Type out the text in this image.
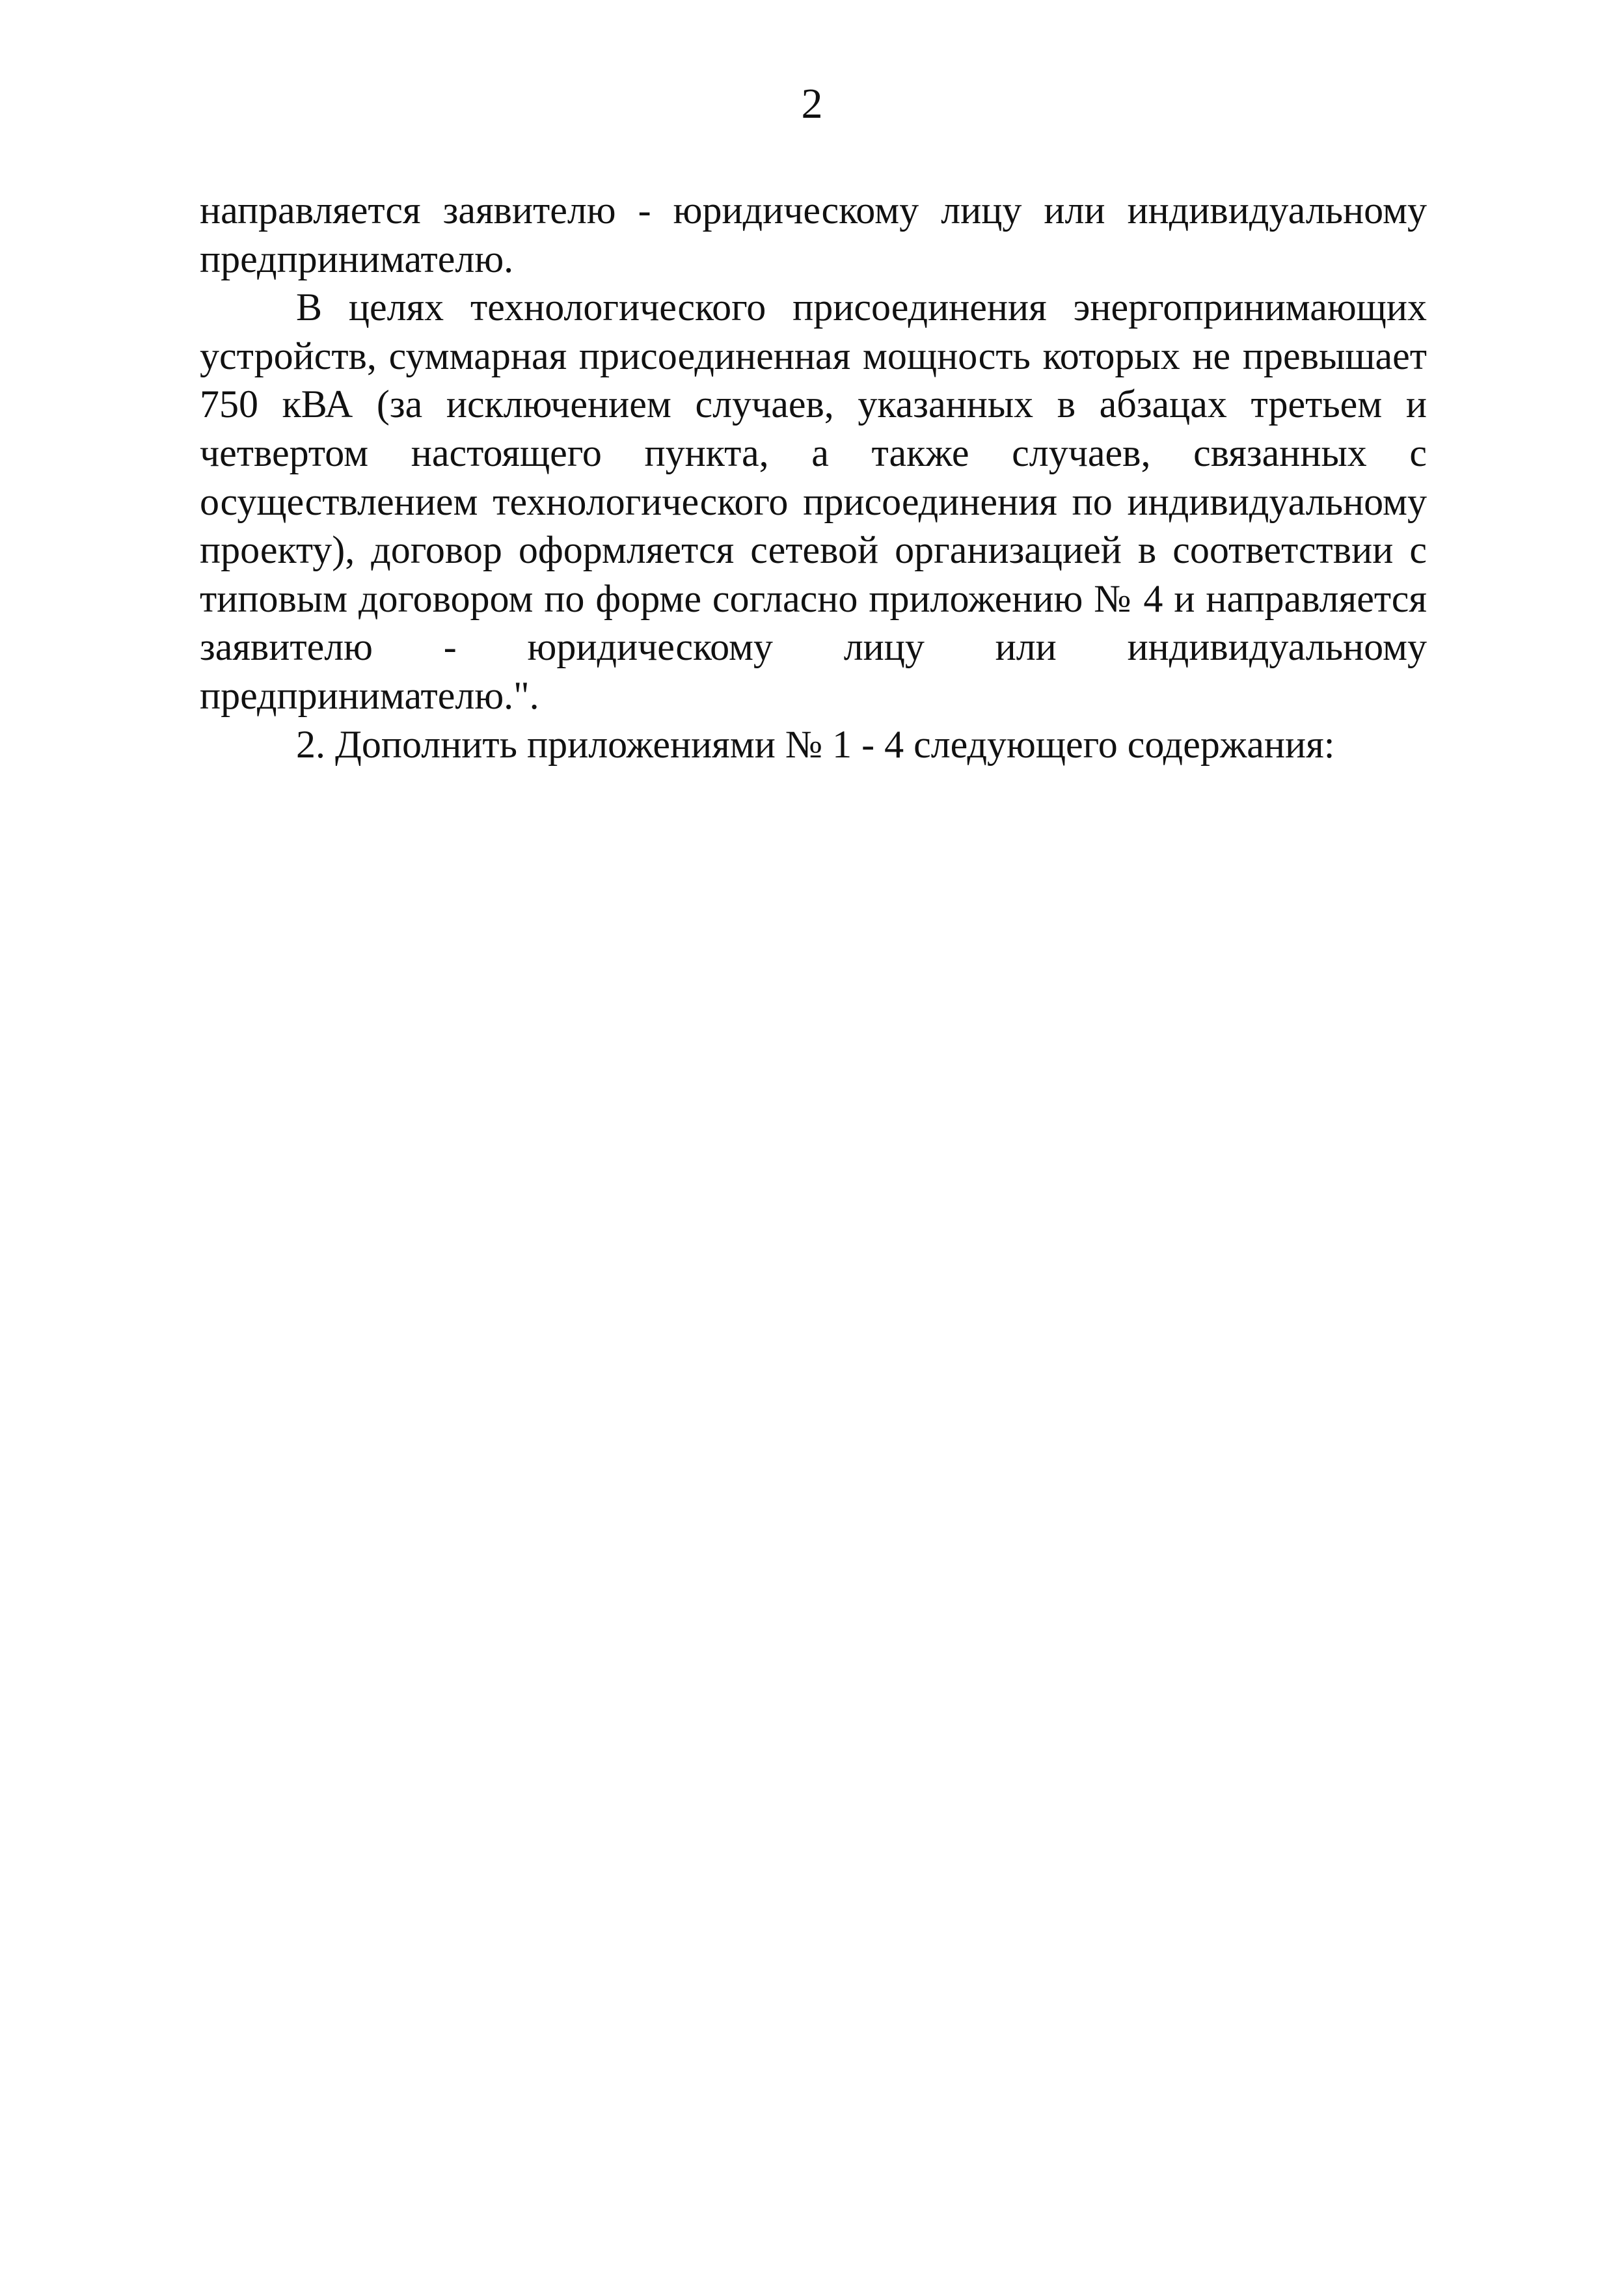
2

направляется заявителю - юридическому лицу или индивидуальному предпринимателю.

В целях технологического присоединения энергопринимающих устройств, суммарная присоединенная мощность которых не превышает 750 кВА (за исключением случаев, указанных в абзацах третьем и четвертом настоящего пункта, а также случаев, связанных с осуществлением технологического присоединения по индивидуальному проекту), договор оформляется сетевой организацией в соответствии с типовым договором по форме согласно приложению № 4 и направляется заявителю - юридическому лицу или индивидуальному предпринимателю.".

2. Дополнить приложениями № 1 - 4 следующего содержания:
